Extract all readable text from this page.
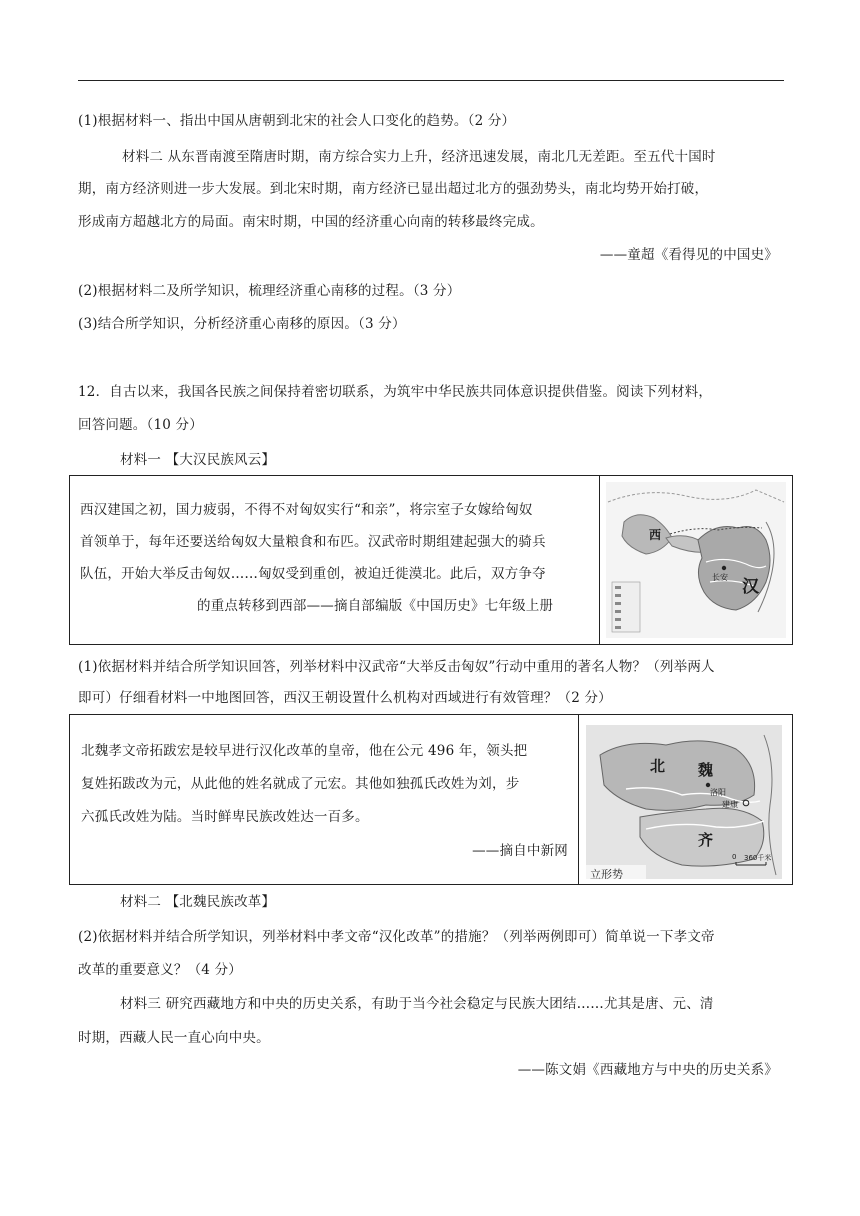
(1)根据材料一、指出中国从唐朝到北宋的社会人口变化的趋势。（2 分）
材料二 从东晋南渡至隋唐时期，南方综合实力上升，经济迅速发展，南北几无差距。至五代十国时
期，南方经济则进一步大发展。到北宋时期，南方经济已显出超过北方的强劲势头，南北均势开始打破，
形成南方超越北方的局面。南宋时期，中国的经济重心向南的转移最终完成。
——童超《看得见的中国史》
(2)根据材料二及所学知识，梳理经济重心南移的过程。（3 分）
(3)结合所学知识，分析经济重心南移的原因。（3 分）
12．自古以来，我国各民族之间保持着密切联系，为筑牢中华民族共同体意识提供借鉴。阅读下列材料，
回答问题。（10 分）
材料一 【大汉民族风云】
西汉建国之初，国力疲弱，不得不对匈奴实行“和亲”，将宗室子女嫁给匈奴
首领单于，每年还要送给匈奴大量粮食和布匹。汉武帝时期组建起强大的骑兵
队伍，开始大举反击匈奴……匈奴受到重创，被迫迁徙漠北。此后，双方争夺
的重点转移到西部——摘自部编版《中国历史》七年级上册
西
汉
长安
(1)依据材料并结合所学知识回答，列举材料中汉武帝“大举反击匈奴”行动中重用的著名人物？（列举两人
即可）仔细看材料一中地图回答，西汉王朝设置什么机构对西域进行有效管理？（2 分）
北魏孝文帝拓跋宏是较早进行汉化改革的皇帝，他在公元 496 年，领头把
复姓拓跋改为元，从此他的姓名就成了元宏。其他如独孤氏改姓为刘，步
六孤氏改姓为陆。当时鲜卑民族改姓达一百多。
——摘自中新网
北 魏
洛阳
建康
齐
0 360千米
立形势
材料二 【北魏民族改革】
(2)依据材料并结合所学知识，列举材料中孝文帝“汉化改革”的措施？（列举两例即可）简单说一下孝文帝
改革的重要意义？（4 分）
材料三 研究西藏地方和中央的历史关系，有助于当今社会稳定与民族大团结……尤其是唐、元、清
时期，西藏人民一直心向中央。
——陈文娟《西藏地方与中央的历史关系》
